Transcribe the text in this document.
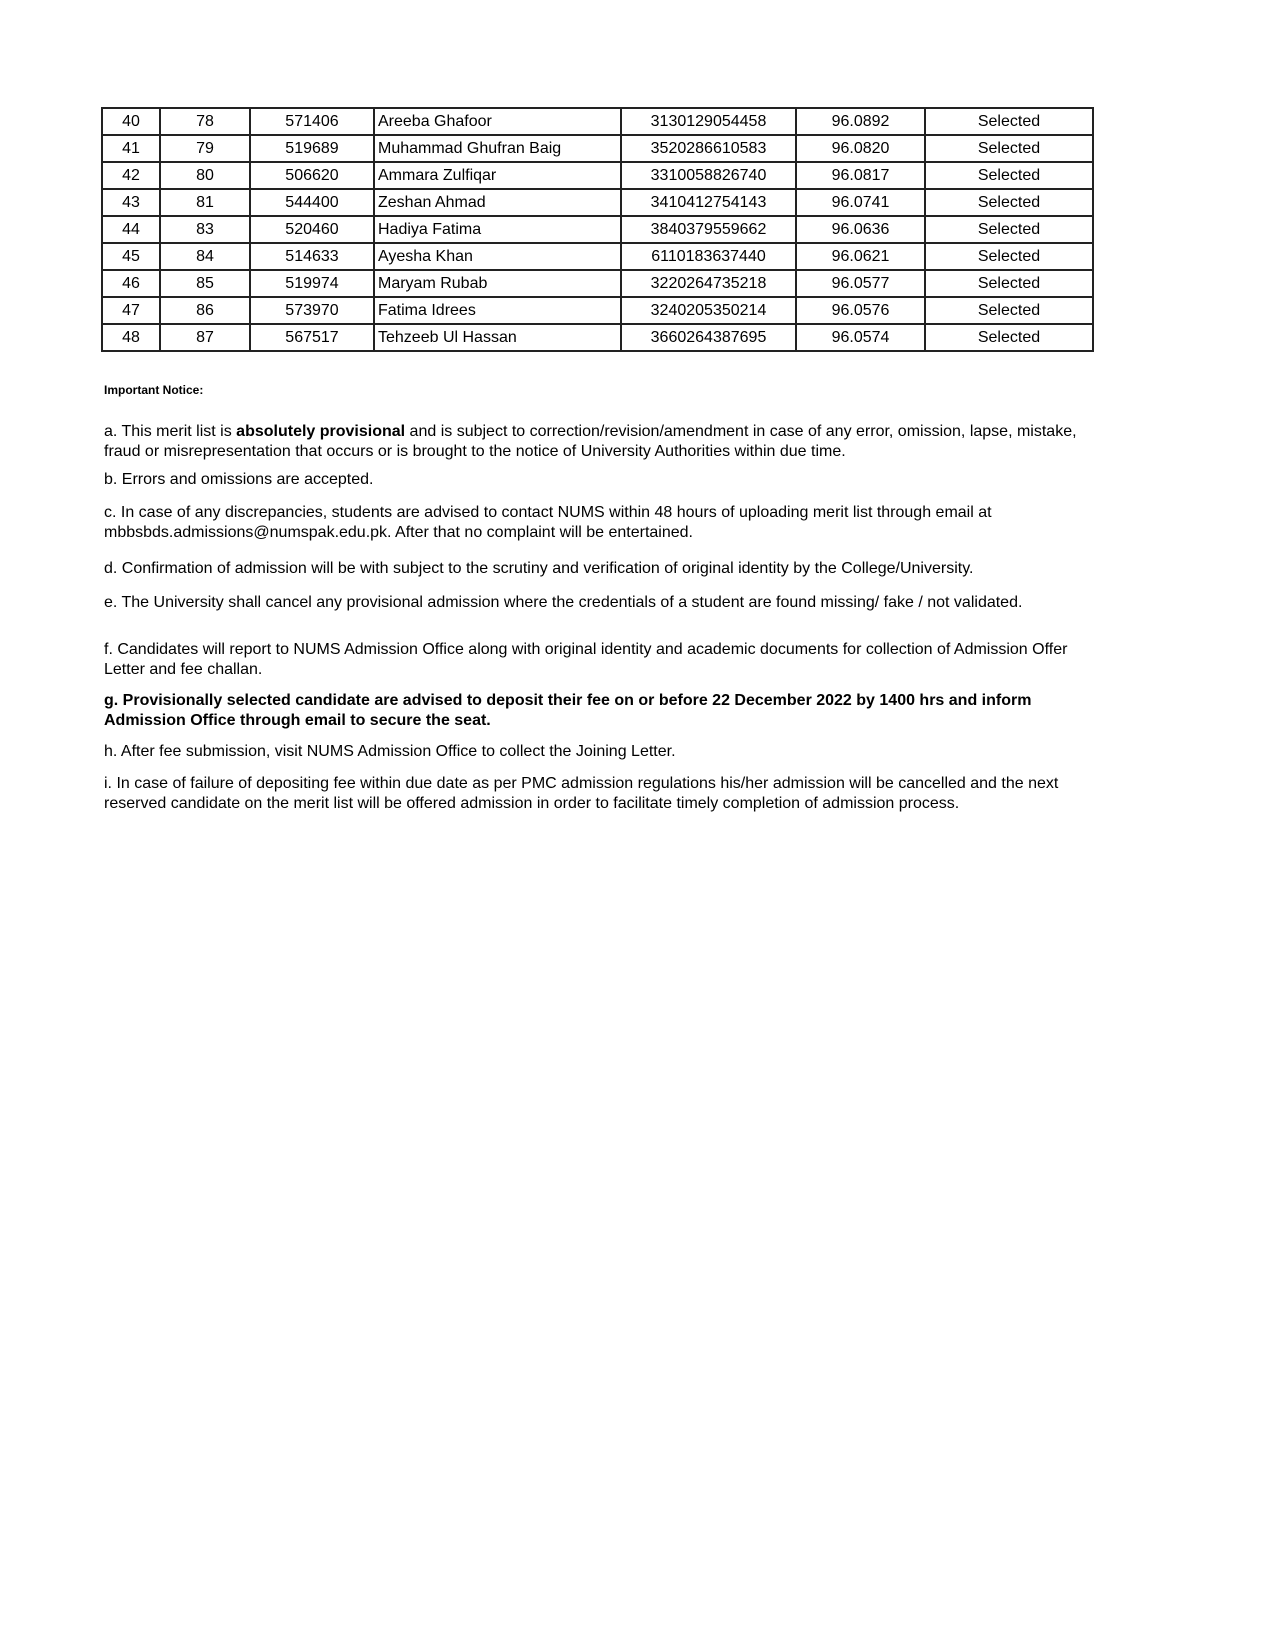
40	78	571406	Areeba Ghafoor	3130129054458	96.0892	Selected
41	79	519689	Muhammad Ghufran Baig	3520286610583	96.0820	Selected
42	80	506620	Ammara Zulfiqar	3310058826740	96.0817	Selected
43	81	544400	Zeshan Ahmad	3410412754143	96.0741	Selected
44	83	520460	Hadiya Fatima	3840379559662	96.0636	Selected
45	84	514633	Ayesha Khan	6110183637440	96.0621	Selected
46	85	519974	Maryam Rubab	3220264735218	96.0577	Selected
47	86	573970	Fatima Idrees	3240205350214	96.0576	Selected
48	87	567517	Tehzeeb Ul Hassan	3660264387695	96.0574	Selected
Important Notice:
a. This merit list is absolutely provisional and is subject to correction/revision/amendment in case of any error, omission, lapse, mistake, fraud or misrepresentation that occurs or is brought to the notice of University Authorities within due time.
b. Errors and omissions are accepted.
c. In case of any discrepancies, students are advised to contact NUMS within 48 hours of uploading merit list through email at mbbsbds.admissions@numspak.edu.pk. After that no complaint will be entertained.
d. Confirmation of admission will be with subject to the scrutiny and verification of original identity by the College/University.
e. The University shall cancel any provisional admission where the credentials of a student are found missing/ fake / not validated.
f. Candidates will report to NUMS Admission Office along with original identity and academic documents for collection of Admission Offer Letter and fee challan.
g. Provisionally selected candidate are advised to deposit their fee on or before 22 December 2022 by 1400 hrs and inform Admission Office through email to secure the seat.
h. After fee submission, visit NUMS Admission Office to collect the Joining Letter.
i. In case of failure of depositing fee within due date as per PMC admission regulations his/her admission will be cancelled and the next reserved candidate on the merit list will be offered admission in order to facilitate timely completion of admission process.
